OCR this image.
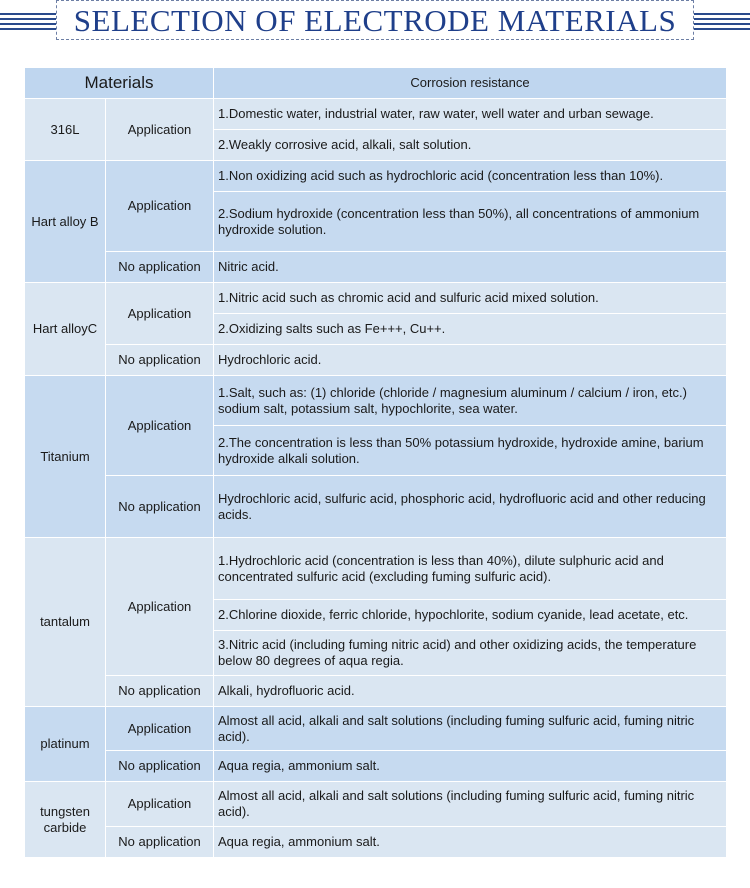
SELECTION OF ELECTRODE MATERIALS
Materials		Corrosion resistance
316L	Application	1.Domestic water, industrial water, raw water, well water and urban sewage.
		2.Weakly corrosive acid, alkali, salt solution.
Hart alloy B	Application	1.Non oxidizing acid such as hydrochloric acid (concentration less than 10%).
		2.Sodium hydroxide (concentration less than 50%), all concentrations of ammonium hydroxide solution.
	No application	Nitric acid.
Hart alloyC	Application	1.Nitric acid such as chromic acid and sulfuric acid mixed solution.
		2.Oxidizing salts such as Fe+++, Cu++.
	No application	Hydrochloric acid.
Titanium	Application	1.Salt, such as: (1) chloride (chloride / magnesium aluminum / calcium / iron, etc.) sodium salt, potassium salt, hypochlorite, sea water.
		2.The concentration is less than 50% potassium hydroxide, hydroxide amine, barium hydroxide alkali solution.
	No application	Hydrochloric acid, sulfuric acid, phosphoric acid, hydrofluoric acid and other reducing acids.
tantalum	Application	1.Hydrochloric acid (concentration is less than 40%), dilute sulphuric acid and concentrated sulfuric acid (excluding fuming sulfuric acid).
		2.Chlorine dioxide, ferric chloride, hypochlorite, sodium cyanide, lead acetate, etc.
		3.Nitric acid (including fuming nitric acid) and other oxidizing acids, the temperature below 80 degrees of aqua regia.
	No application	Alkali, hydrofluoric acid.
platinum	Application	Almost all acid, alkali and salt solutions (including fuming sulfuric acid, fuming nitric acid).
	No application	Aqua regia, ammonium salt.
tungsten carbide	Application	Almost all acid, alkali and salt solutions (including fuming sulfuric acid, fuming nitric acid).
	No application	Aqua regia, ammonium salt.
